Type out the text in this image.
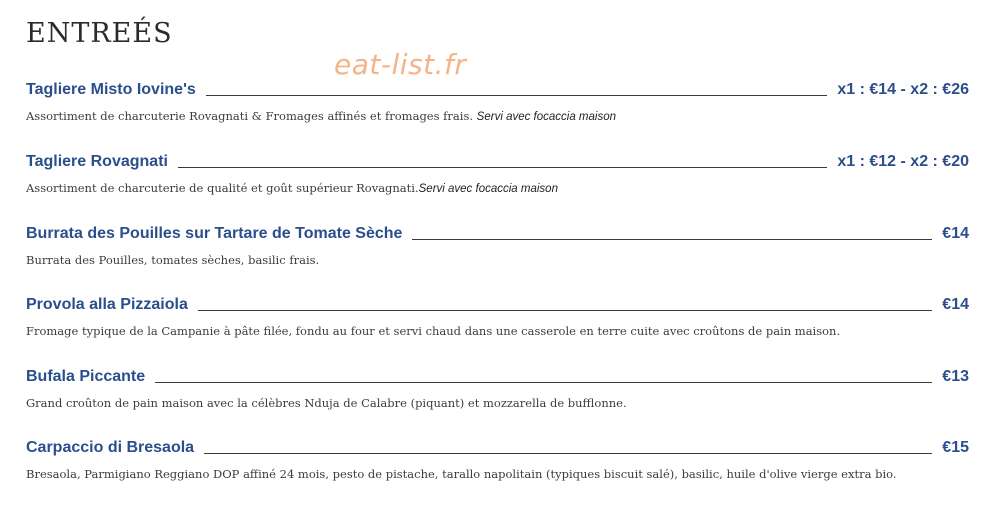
ENTREÉS
eat-list.fr
Tagliere Misto Iovine's	x1 : €14 - x2 : €26
Assortiment de charcuterie Rovagnati & Fromages affinés et fromages frais. Servi avec focaccia maison
Tagliere Rovagnati	x1 : €12 - x2 : €20
Assortiment de charcuterie de qualité et goût supérieur Rovagnati.Servi avec focaccia maison
Burrata des Pouilles sur Tartare de Tomate Sèche	€14
Burrata des Pouilles, tomates sèches, basilic frais.
Provola alla Pizzaiola	€14
Fromage typique de la Campanie à pâte filée, fondu au four et servi chaud dans une casserole en terre cuite avec croûtons de pain maison.
Bufala Piccante	€13
Grand croûton de pain maison avec la célèbres Nduja de Calabre (piquant) et mozzarella de bufflonne.
Carpaccio di Bresaola	€15
Bresaola, Parmigiano Reggiano DOP affiné 24 mois, pesto de pistache, tarallo napolitain (typiques biscuit salé), basilic, huile d'olive vierge extra bio.
